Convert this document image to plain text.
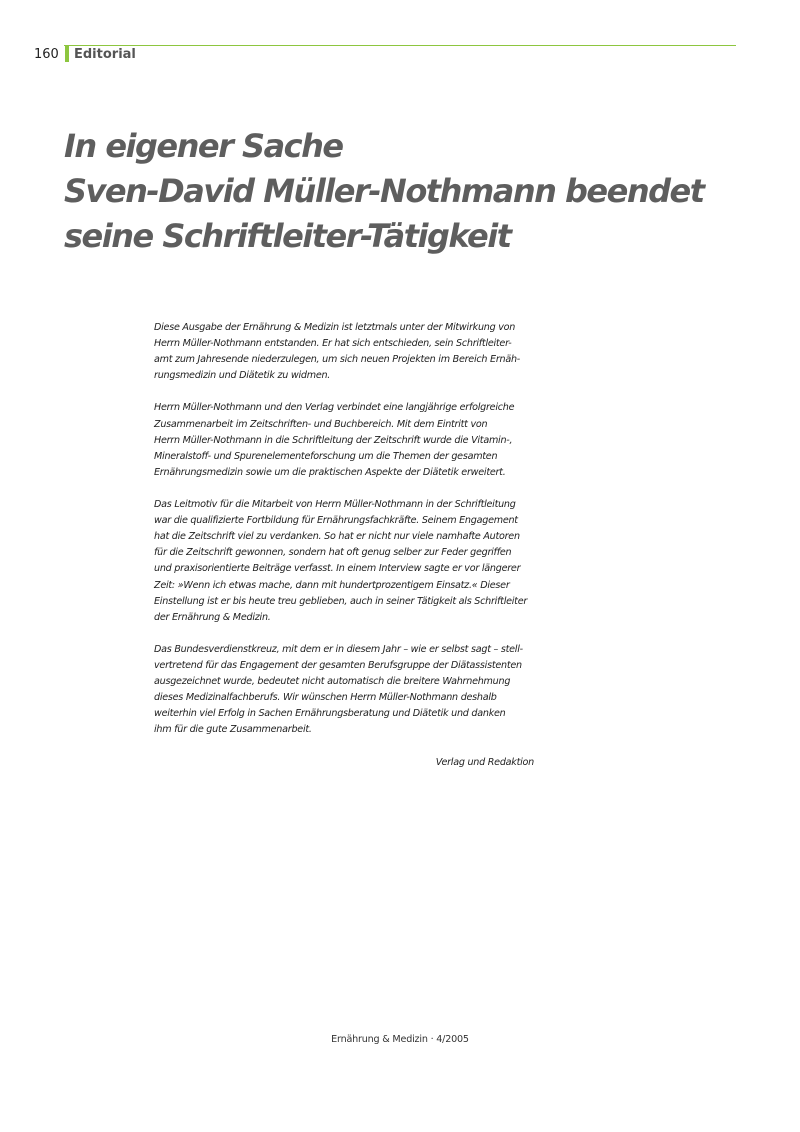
160 Editorial
In eigener Sache
Sven-David Müller-Nothmann beendet
seine Schriftleiter-Tätigkeit

Diese Ausgabe der Ernährung & Medizin ist letztmals unter der Mitwirkung von
Herrn Müller-Nothmann entstanden. Er hat sich entschieden, sein Schriftleiter-
amt zum Jahresende niederzulegen, um sich neuen Projekten im Bereich Ernäh-
rungsmedizin und Diätetik zu widmen.

Herrn Müller-Nothmann und den Verlag verbindet eine langjährige erfolgreiche
Zusammenarbeit im Zeitschriften- und Buchbereich. Mit dem Eintritt von
Herrn Müller-Nothmann in die Schriftleitung der Zeitschrift wurde die Vitamin-,
Mineralstoff- und Spurenelementeforschung um die Themen der gesamten
Ernährungsmedizin sowie um die praktischen Aspekte der Diätetik erweitert.

Das Leitmotiv für die Mitarbeit von Herrn Müller-Nothmann in der Schriftleitung
war die qualifizierte Fortbildung für Ernährungsfachkräfte. Seinem Engagement
hat die Zeitschrift viel zu verdanken. So hat er nicht nur viele namhafte Autoren
für die Zeitschrift gewonnen, sondern hat oft genug selber zur Feder gegriffen
und praxisorientierte Beiträge verfasst. In einem Interview sagte er vor längerer
Zeit: »Wenn ich etwas mache, dann mit hundertprozentigem Einsatz.« Dieser
Einstellung ist er bis heute treu geblieben, auch in seiner Tätigkeit als Schriftleiter
der Ernährung & Medizin.

Das Bundesverdienstkreuz, mit dem er in diesem Jahr – wie er selbst sagt – stell-
vertretend für das Engagement der gesamten Berufsgruppe der Diätassistenten
ausgezeichnet wurde, bedeutet nicht automatisch die breitere Wahrnehmung
dieses Medizinalfachberufs. Wir wünschen Herrn Müller-Nothmann deshalb
weiterhin viel Erfolg in Sachen Ernährungsberatung und Diätetik und danken
ihm für die gute Zusammenarbeit.

Verlag und Redaktion

Ernährung & Medizin · 4/2005
